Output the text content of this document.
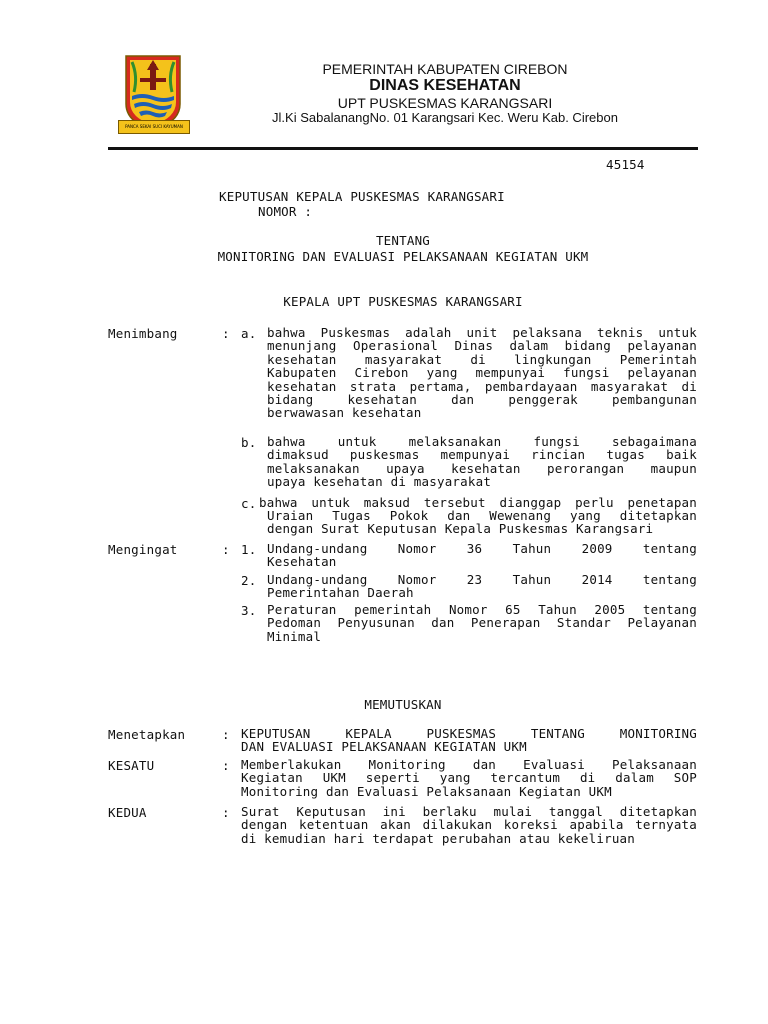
PANCA SEKAI SUCI KAYUMAN
PEMERINTAH KABUPATEN CIREBON
DINAS KESEHATAN
UPT PUSKESMAS KARANGSARI
Jl.Ki SabalanangNo. 01 Karangsari Kec. Weru Kab. Cirebon
45154
KEPUTUSAN KEPALA PUSKESMAS KARANGSARI
NOMOR :
TENTANG
MONITORING DAN EVALUASI PELAKSANAAN KEGIATAN UKM
KEPALA UPT PUSKESMAS KARANGSARI
Menimbang	: a. bahwa Puskesmas adalah unit pelaksana teknis untuk
menunjang Operasional Dinas dalam bidang pelayanan
kesehatan masyarakat di lingkungan Pemerintah
Kabupaten Cirebon yang mempunyai fungsi pelayanan
kesehatan strata pertama, pembardayaan masyarakat di
bidang kesehatan dan penggerak pembangunan
berwawasan kesehatan
b. bahwa untuk melaksanakan fungsi sebagaimana
dimaksud puskesmas mempunyai rincian tugas baik
melaksanakan upaya kesehatan perorangan maupun
upaya kesehatan di masyarakat
c. bahwa untuk maksud tersebut dianggap perlu penetapan
Uraian Tugas Pokok dan Wewenang yang ditetapkan
dengan Surat Keputusan Kepala Puskesmas Karangsari
Mengingat	: 1. Undang-undang Nomor 36 Tahun 2009 tentang
Kesehatan
2. Undang-undang Nomor 23 Tahun 2014 tentang
Pemerintahan Daerah
3. Peraturan pemerintah Nomor 65 Tahun 2005 tentang
Pedoman Penyusunan dan Penerapan Standar Pelayanan
Minimal
MEMUTUSKAN
Menetapkan	: KEPUTUSAN KEPALA PUSKESMAS TENTANG MONITORING
DAN EVALUASI PELAKSANAAN KEGIATAN UKM
KESATU	: Memberlakukan Monitoring dan Evaluasi Pelaksanaan
Kegiatan UKM seperti yang tercantum di dalam SOP
Monitoring dan Evaluasi Pelaksanaan Kegiatan UKM
KEDUA	: Surat Keputusan ini berlaku mulai tanggal ditetapkan
dengan ketentuan akan dilakukan koreksi apabila ternyata
di kemudian hari terdapat perubahan atau kekeliruan
